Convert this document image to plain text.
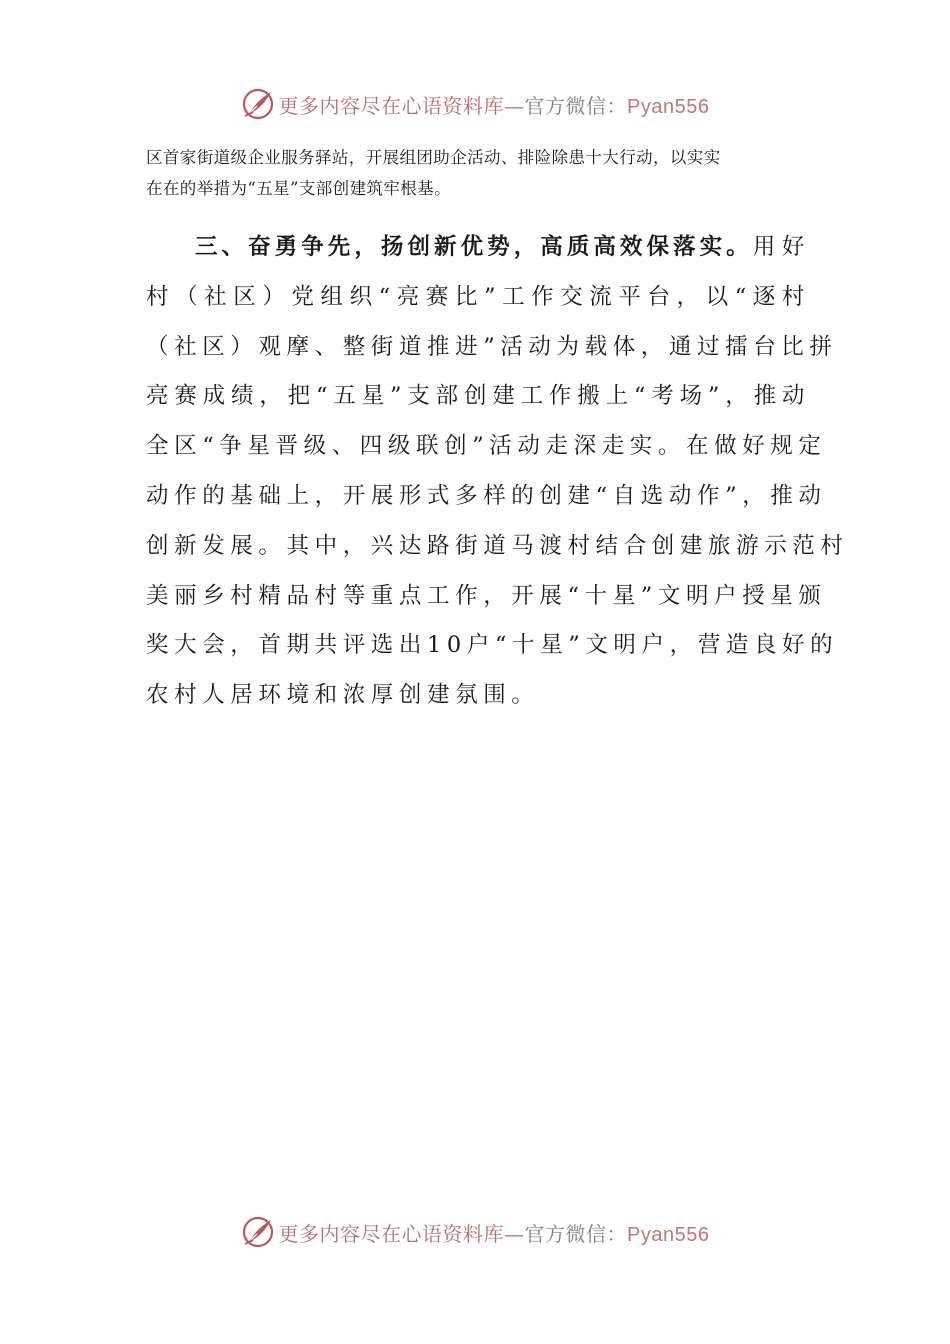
更多内容尽在心语资料库—官方微信：Pyan556

区首家街道级企业服务驿站，开展组团助企活动、排险除患十大行动，以实实

在在的举措为“五星”支部创建筑牢根基。

三、奋勇争先，扬创新优势，高质高效保落实。用好
村（社区）党组织“亮赛比”工作交流平台，以“逐村
（社区）观摩、整街道推进”活动为载体，通过擂台比拼
亮赛成绩，把“五星”支部创建工作搬上“考场”，推动
全区“争星晋级、四级联创”活动走深走实。在做好规定
动作的基础上，开展形式多样的创建“自选动作”，推动
创新发展。其中，兴达路街道马渡村结合创建旅游示范村
美丽乡村精品村等重点工作，开展“十星”文明户授星颁
奖大会，首期共评选出10户“十星”文明户，营造良好的
农村人居环境和浓厚创建氛围。
更多内容尽在心语资料库—官方微信：Pyan556
